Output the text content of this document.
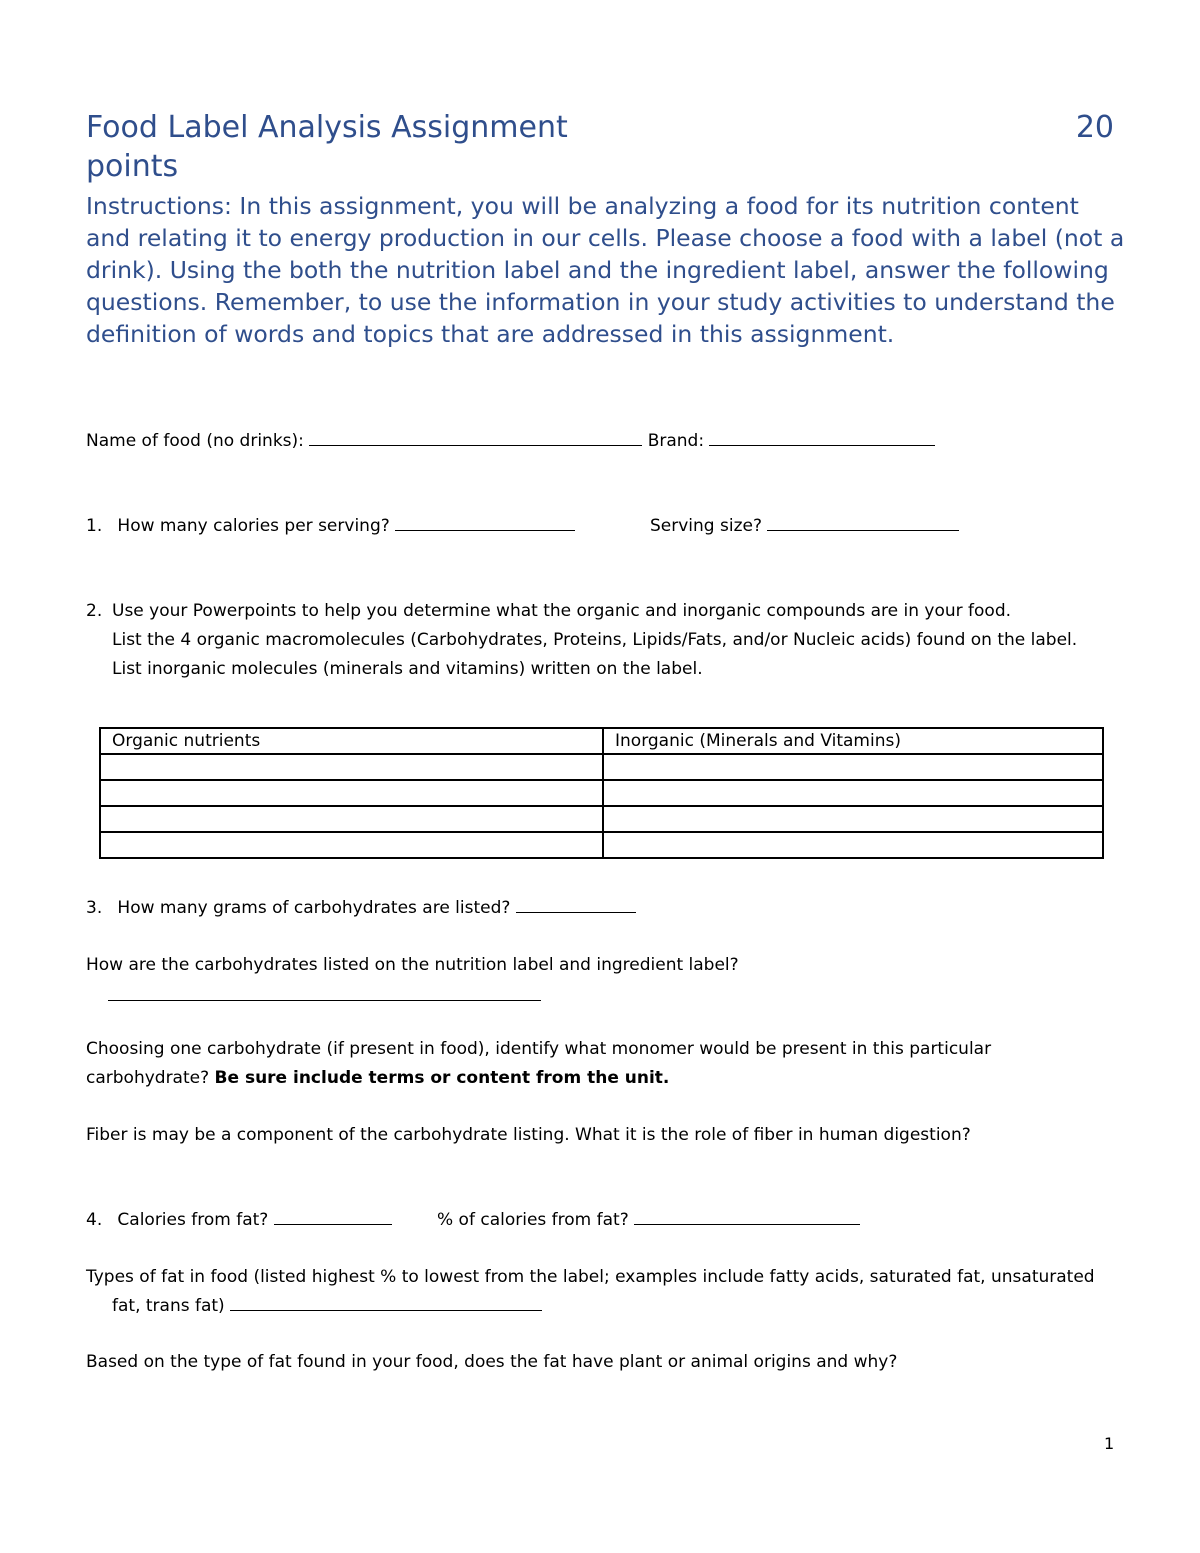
Food Label Analysis Assignment	20
points
Instructions: In this assignment, you will be analyzing a food for its nutrition content and relating it to energy production in our cells. Please choose a food with a label (not a drink). Using the both the nutrition label and the ingredient label, answer the following questions. Remember, to use the information in your study activities to understand the definition of words and topics that are addressed in this assignment.
Name of food (no drinks):	Brand:
1. How many calories per serving?	Serving size?
2. Use your Powerpoints to help you determine what the organic and inorganic compounds are in your food.
List the 4 organic macromolecules (Carbohydrates, Proteins, Lipids/Fats, and/or Nucleic acids) found on the label.
List inorganic molecules (minerals and vitamins) written on the label.
Organic nutrients	Inorganic (Minerals and Vitamins)

3. How many grams of carbohydrates are listed?
How are the carbohydrates listed on the nutrition label and ingredient label?
Choosing one carbohydrate (if present in food), identify what monomer would be present in this particular
carbohydrate? Be sure include terms or content from the unit.
Fiber is may be a component of the carbohydrate listing. What it is the role of fiber in human digestion?
4. Calories from fat?	% of calories from fat?
Types of fat in food (listed highest % to lowest from the label; examples include fatty acids, saturated fat, unsaturated
fat, trans fat)
Based on the type of fat found in your food, does the fat have plant or animal origins and why?
1
